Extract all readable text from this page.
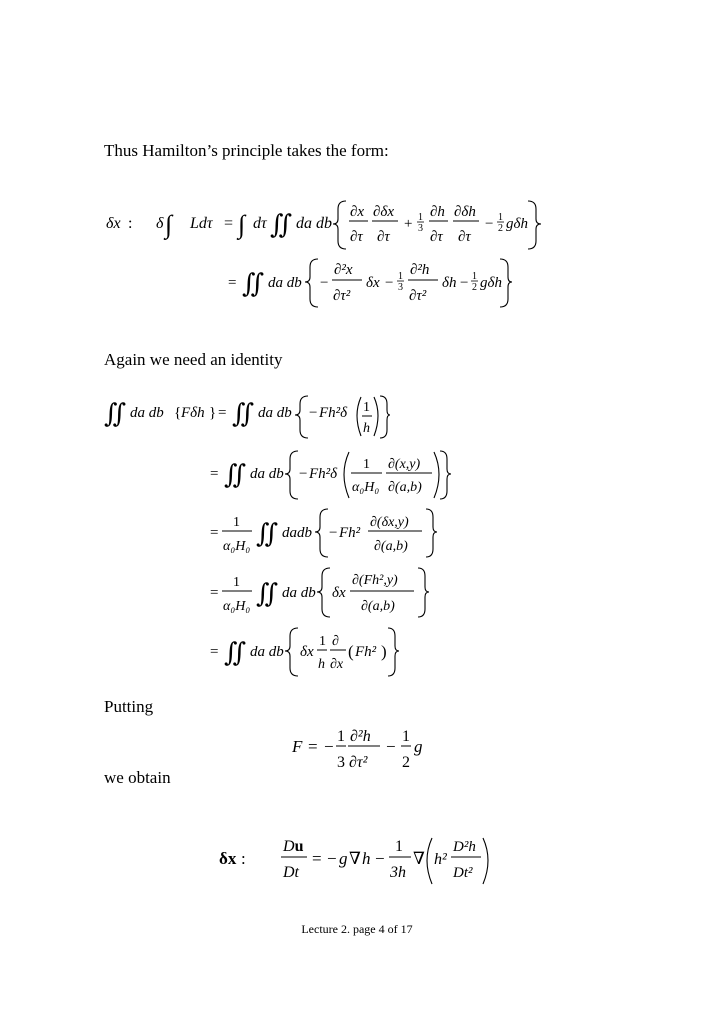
Thus Hamilton’s principle takes the form:
Again we need an identity
Putting
we obtain
δx : δ ∫ Ldτ = ∫ dτ ∬ da db
∂x
∂τ
∂δx
∂τ
+ 1
3
∂h
∂τ
∂δh
∂τ
− 1
2 gδh
= ∬ da db −
∂²x
∂τ²
δx − 1
3
∂²h
∂τ²
δh − 1
2 gδh
∬ da db { Fδh } = ∬ da db − Fh²δ 1
h
= ∬ da db − Fh²δ
1
α₀H₀
∂(x,y)
∂(a,b)
=
1
α₀H₀ ∬ dadb − Fh²
∂(δx,y)
∂(a,b)
=
1
α₀H₀ ∬ da db δx
∂(Fh²,y)
∂(a,b)
= ∬ da db δx
1
h
∂
∂x
( Fh² )
F = −
1
3
∂²h
∂τ²
−
1
2
g
δx :
Du
Dt
= − g ∇ h −
1
3h
∇ h²
D²h
Dt²
Lecture 2. page 4 of 17
